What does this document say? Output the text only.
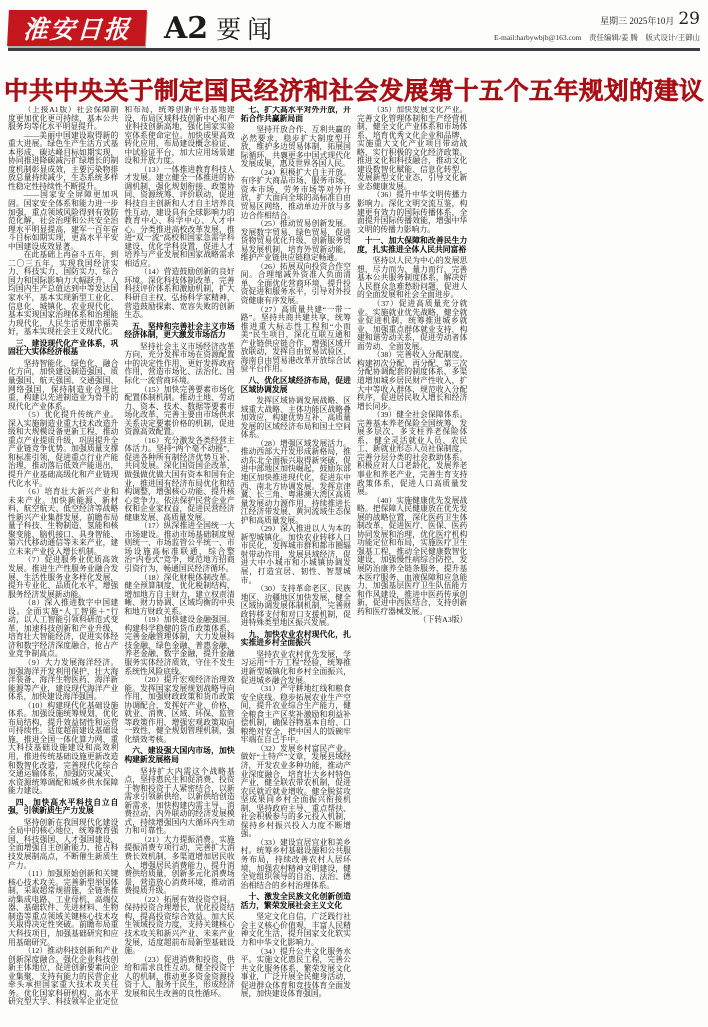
淮安日报	A2 要闻	星期三 2025年10月 29
E-mail:harbywbjb@163.com　责任编辑/姜 腾　版式设计/王御山
中共中央关于制定国民经济和社会发展第十五个五年规划的建议

（上接A1版）社会保障制度更加优化更可持续，基本公共服务均等化水平明显提升。

——美丽中国建设取得新的重大进展。绿色生产生活方式基本形成，碳达峰目标如期实现，协同推进降碳减污扩绿增长的制度机制彰显成效，主要污染物排放总量持续减少，生态系统多样性稳定性持续性不断提升。

——国家安全屏障更加巩固。国家安全体系和能力进一步加强，重点领域风险得到有效防范化解，社会治理和公共安全治理水平明显提高，建军一百年奋斗目标如期实现，更高水平平安中国建设成效显著。

在此基础上再奋斗五年，到二〇三五年，实现我国经济实力、科技实力、国防实力、综合国力和国际影响力大幅跃升，人均国内生产总值达到中等发达国家水平，基本实现新型工业化、信息化、城镇化、农业现代化，基本实现国家治理体系和治理能力现代化，人民生活更加幸福美好，基本实现社会主义现代化。

三、建设现代化产业体系，巩固壮大实体经济根基

坚持智能化、绿色化、融合化方向，加快建设制造强国、质量强国、航天强国、交通强国、网络强国，保持制造业合理比重，构建以先进制造业为骨干的现代化产业体系。

（5）优化提升传统产业。深入实施制造业重大技术改造升级和大规模设备更新工程，推动重点产业提质升级，巩固提升全产业链竞争优势。加强质量支撑和标准引领，促进重点行业产能治理，推动落后低效产能退出，提升产业基础高级化和产业链现代化水平。

（6）培育壮大新兴产业和未来产业。加快新能源、新材料、航空航天、低空经济等战略性新兴产业集群发展，前瞻布局量子科技、生物制造、氢能和核聚变能、脑机接口、具身智能、第六代移动通信等未来产业，建立未来产业投入增长机制。

（7）促进服务业优质高效发展。推进生产性服务业融合发展、生活性服务业多样化发展，提升专业化、品质化水平，增强服务经济发展新动能。

（8）深入推进数字中国建设。全面实施“人工智能＋”行动，以人工智能引领科研范式变革，加速科技创新和产业升级，培育壮大智能经济，促进实体经济和数字经济深度融合，抢占产业竞争制高点。

（9）大力发展海洋经济。加强海洋开发利用保护，壮大海洋装备、海洋生物医药、海洋新能源等产业，建设现代海洋产业体系，加快建设海洋强国。

（10）构建现代化基础设施体系。加强设施统筹规划，优化布局结构，提升效益韧性和运营可持续性。适度超前建设基础设施，推进全国一体化算力网、重大科技基础设施建设和高效利用，推进传统基础设施更新改造和数智化改造，完善现代化综合交通运输体系，加强防灾减灾、水资源统筹调配和城乡供水保障能力建设。

四、加快高水平科技自立自强，引领新质生产力发展

坚持创新在我国现代化建设全局中的核心地位，统筹教育强国、科技强国、人才强国建设，全面增强自主创新能力，抢占科技发展制高点，不断催生新质生产力。

（11）加强原始创新和关键核心技术攻关。完善新型举国体制，采取超常规措施，全链条推动集成电路、工业母机、高端仪器、基础软件、先进材料、生物制造等重点领域关键核心技术攻关取得决定性突破。前瞻布局重大科技项目，加强基础研究和应用基础研究。

（12）推动科技创新和产业创新深度融合。强化企业科技创新主体地位，促进创新要素向企业集聚，支持有能力的民营企业牵头承担国家重大技术攻关任务。优化国家科研机构、高水平研究型大学、科技领军企业定位和布局，统筹创新平台基地建设，布局区域科技创新中心和产业科技创新高地，强化国家实验室体系使命定位。加快成果高效转化应用，布局建设概念验证、中试验证平台，加大应用场景建设和开放力度。

（13）一体推进教育科技人才发展。建立健全一体推进的协调机制，强化规划衔接、政策协同、资源统筹、评价联动，促进科技自主创新和人才自主培养良性互动，建设具有全球影响力的教育中心、科学中心、人才中心。分类推进高校改革发展，推进“双一流”高校和国家急需学科建设，优化学科设置，促进人才培养与产业发展和国家战略需求相适应。

（14）营造鼓励创新的良好环境。深化科技体制改革，完善科技评价体系和激励机制，扩大科研自主权，弘扬科学家精神，营造鼓励探索、宽容失败的创新生态。

五、坚持和完善社会主义市场经济体制，更大激发市场活力

坚持社会主义市场经济改革方向，充分发挥市场在资源配置中的决定性作用，更好发挥政府作用，营造市场化、法治化、国际化一流营商环境。

（15）加快完善要素市场化配置体制机制。推动土地、劳动力、资本、技术、数据等要素市场化改革，完善主要由市场供求关系决定要素价格的机制，促进资源高效配置。

（16）充分激发各类经营主体活力。坚持“两个毫不动摇”，促进各种所有制经济优势互补、共同发展。深化国资国企改革，做强做优做大国有资本和国有企业，推进国有经济布局优化和结构调整，增强核心功能、提升核心竞争力。依法保护民营企业产权和企业家权益，促进民营经济健康发展、高质量发展。

（17）纵深推进全国统一大市场建设。推动市场基础制度规则统一、市场监管公平统一、市场设施高标准联通，综合整治“内卷式”竞争，规范地方招商引资行为，畅通国民经济循环。

（18）深化财税体制改革。健全预算制度，优化税制结构，增加地方自主财力，建立权责清晰、财力协调、区域均衡的中央和地方财政关系。

（19）加快建设金融强国。构建科学稳健的货币政策体系，完善金融管理体制，大力发展科技金融、绿色金融、普惠金融、养老金融、数字金融，提升金融服务实体经济质效，守住不发生系统性风险底线。

（20）提升宏观经济治理效能。发挥国家发展规划战略导向作用，加强财政政策和货币政策协调配合，发挥好产业、价格、就业、消费、区域、环保、监管等政策作用，增强宏观政策取向一致性，健全规划管理机制，强化绩效考核。

六、建设强大国内市场，加快构建新发展格局

坚持扩大内需这个战略基点，坚持惠民生和促消费、投资于物和投资于人紧密结合，以新需求引领新供给，以新供给创造新需求，加快构建内需主导、消费拉动、内外联动的经济发展模式，持续增强国内大循环内生动力和可靠性。

（21）大力提振消费。实施提振消费专项行动，完善扩大消费长效机制，多渠道增加居民收入，增强居民消费能力，提升消费供给质量，创新多元化消费场景，营造放心消费环境，推动消费提质升级。

（22）拓展有效投资空间。保持投资合理增长，优化投资结构，提高投资综合效益。加大民生领域投资力度，支持关键核心技术攻关和新兴产业、未来产业发展，适度超前布局新型基础设施。

（23）促进消费和投资、供给和需求良性互动。健全投资于人的机制，推动更多资金资源投资于人、服务于民生，形成经济发展和民生改善的良性循环。

七、扩大高水平对外开放，开拓合作共赢新局面

坚持开放合作、互利共赢的必然要求，稳步扩大制度型开放，维护多边贸易体制，拓展国际循环，共襄更多中国式现代化发展成果，惠及世界各国人民。

（24）积极扩大自主开放。有序扩大商品市场、服务市场、资本市场、劳务市场等对外开放，扩大面向全球的高标准自由贸易区网络，推动单边开放与多边合作相结合。

（25）推动贸易创新发展。发展数字贸易、绿色贸易，促进货物贸易优化升级，创新服务贸易发展机制，培育外贸新动能，维护产业链供应链稳定畅通。

（26）拓展双向投资合作空间。合理缩减外资准入负面清单，全面优化营商环境，提升投资促进和服务水平，引导对外投资健康有序发展。

（27）高质量共建“一带一路”。坚持共商共建共享，统筹推进重大标志性工程和“小而美”民生项目，深化互联互通和产业链供应链合作，增强区域开放联动，发挥自由贸易试验区、海南自由贸易港改革开放综合试验平台作用。

八、优化区域经济布局，促进区域协调发展

发挥区域协调发展战略、区域重大战略、主体功能区战略叠加效应，构建优势互补、高质量发展的区域经济布局和国土空间体系。

（28）增强区域发展活力。推动西部大开发形成新格局，推动东北全面振兴取得新突破，促进中部地区加快崛起，鼓励东部地区加快推进现代化，促进东中西、南北方协调发展。发挥京津冀、长三角、粤港澳大湾区高质量发展动力源作用，持续推进长江经济带发展、黄河流域生态保护和高质量发展。

（29）深入推进以人为本的新型城镇化。加快农业转移人口市民化，发挥城市群和都市圈辐射带动作用，发展县域经济，促进大中小城市和小城镇协调发展，打造宜居、韧性、智慧城市。

（30）支持革命老区、民族地区、边疆地区加快发展，健全区域协调发展体制机制，完善财政转移支付和对口支援机制，促进特殊类型地区振兴发展。

九、加快农业农村现代化，扎实推进乡村全面振兴

坚持农业农村优先发展，学习运用“千万工程”经验，统筹推进新型城镇化和乡村全面振兴，促进城乡融合发展。

（31）严守耕地红线和粮食安全底线。稳步拓展农业生产空间，提升农业综合生产能力，健全粮食主产区奖补激励和利益补偿机制，确保谷物基本自给、口粮绝对安全，把中国人的饭碗牢牢端在自己手中。

（32）发展乡村富民产业。做好“土特产”文章，发展县域经济，开发农业多种功能，推动产业深度融合，培育壮大乡村特色产业，健全联农带农机制，促进农民就近就业增收。健全脱贫攻坚成果同乡村全面振兴衔接机制，坚持政府主导、重点帮扶、社会积极参与的多元投入机制，保持乡村振兴投入力度不断增强。

（33）建设宜居宜业和美乡村。统筹乡村基础设施和公共服务布局，持续改善农村人居环境，加强农村精神文明建设，健全党组织领导的自治、法治、德治相结合的乡村治理体系。

十、激发全民族文化创新创造活力，繁荣发展社会主义文化

坚定文化自信，广泛践行社会主义核心价值观，丰富人民精神文化生活，提升国家文化软实力和中华文化影响力。

（34）提升公共文化服务水平。实施文化惠民工程，完善公共文化服务体系，繁荣发展文化事业，广泛开展全民健身活动，促进群众体育和竞技体育全面发展，加快建设体育强国。

（35）加快发展文化产业。完善文化管理体制和生产经营机制，健全文化产业体系和市场体系，培育优秀文化企业和品牌，实施重大文化产业项目带动战略，实行积极的文化经济政策。推进文化和科技融合，推动文化建设数智化赋能、信息化转型，发展新型文化业态，引导文化新业态健康发展。

（36）提升中华文明传播力影响力。深化文明交流互鉴，构建更有效力的国际传播体系，全面提升国际传播效能，增强中华文明的传播力影响力。

十一、加大保障和改善民生力度，扎实推进全体人民共同富裕

坚持以人民为中心的发展思想，尽力而为、量力而行，完善基本公共服务制度体系，解决好人民群众急难愁盼问题，促进人的全面发展和社会全面进步。

（37）促进高质量充分就业。实施就业优先战略，健全就业促进机制，统筹推进城乡就业，加强重点群体就业支持，构建和谐劳动关系，促进劳动者体面劳动、全面发展。

（38）完善收入分配制度。构建初次分配、再分配、第三次分配协调配套的制度体系，多渠道增加城乡居民财产性收入，扩大中等收入群体，规范收入分配秩序，促进居民收入增长和经济增长同步。

（39）健全社会保障体系。完善基本养老保险全国统筹，发展多层次、多支柱养老保险体系，健全灵活就业人员、农民工、新就业形态人员社保制度，完善分层分类的社会救助体系。积极应对人口老龄化，发展养老事业和养老产业，完善生育支持政策体系，促进人口高质量发展。

（40）实施健康优先发展战略。把保障人民健康放在优先发展的战略位置，深化医药卫生体制改革，促进医疗、医保、医药协同发展和治理，优化医疗机构功能定位和布局，实施医疗卫生强基工程，推动全民健康数智化建设，加强慢性病综合防控，发展防治康养全链条服务，提升基本医疗服务、血液保障和应急能力，加强基层医疗卫生队伍能力和作风建设，推进中医药传承创新，促进中西医结合，支持创新药和医疗器械发展。

（下转A3版）
